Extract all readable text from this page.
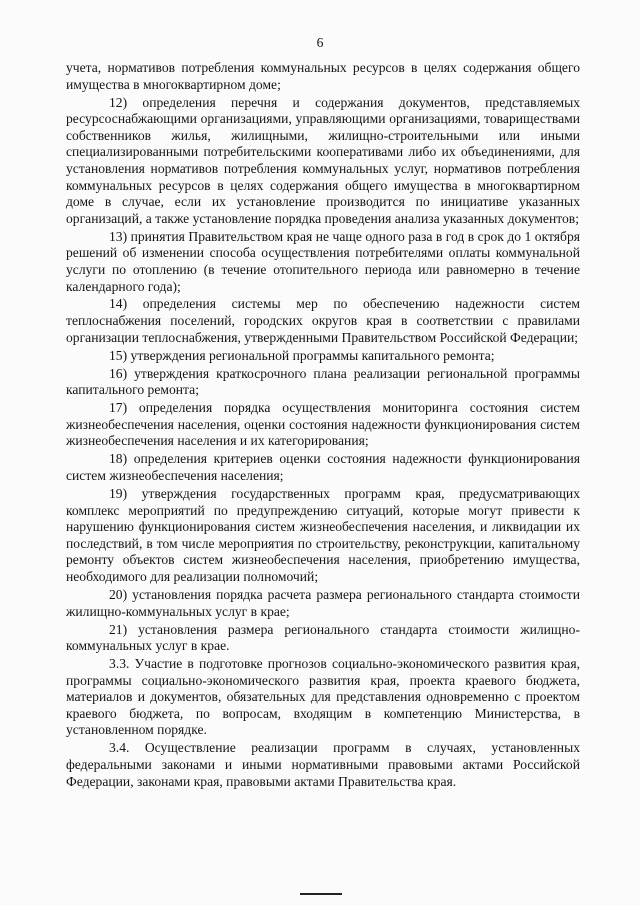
6

учета, нормативов потребления коммунальных ресурсов в целях содержания общего имущества в многоквартирном доме;

12) определения перечня и содержания документов, представляемых ресурсоснабжающими организациями, управляющими организациями, товариществами собственников жилья, жилищными, жилищно-строительными или иными специализированными потребительскими кооперативами либо их объединениями, для установления нормативов потребления коммунальных услуг, нормативов потребления коммунальных ресурсов в целях содержания общего имущества в многоквартирном доме в случае, если их установление производится по инициативе указанных организаций, а также установление порядка проведения анализа указанных документов;

13) принятия Правительством края не чаще одного раза в год в срок до 1 октября решений об изменении способа осуществления потребителями оплаты коммунальной услуги по отоплению (в течение отопительного периода или равномерно в течение календарного года);

14) определения системы мер по обеспечению надежности систем теплоснабжения поселений, городских округов края в соответствии с правилами организации теплоснабжения, утвержденными Правительством Российской Федерации;

15) утверждения региональной программы капитального ремонта;

16) утверждения краткосрочного плана реализации региональной программы капитального ремонта;

17) определения порядка осуществления мониторинга состояния систем жизнеобеспечения населения, оценки состояния надежности функционирования систем жизнеобеспечения населения и их категорирования;

18) определения критериев оценки состояния надежности функционирования систем жизнеобеспечения населения;

19) утверждения государственных программ края, предусматривающих комплекс мероприятий по предупреждению ситуаций, которые могут привести к нарушению функционирования систем жизнеобеспечения населения, и ликвидации их последствий, в том числе мероприятия по строительству, реконструкции, капитальному ремонту объектов систем жизнеобеспечения населения, приобретению имущества, необходимого для реализации полномочий;

20) установления порядка расчета размера регионального стандарта стоимости жилищно-коммунальных услуг в крае;

21) установления размера регионального стандарта стоимости жилищно-коммунальных услуг в крае.

3.3. Участие в подготовке прогнозов социально-экономического развития края, программы социально-экономического развития края, проекта краевого бюджета, материалов и документов, обязательных для представления одновременно с проектом краевого бюджета, по вопросам, входящим в компетенцию Министерства, в установленном порядке.

3.4. Осуществление реализации программ в случаях, установленных федеральными законами и иными нормативными правовыми актами Российской Федерации, законами края, правовыми актами Правительства края.
